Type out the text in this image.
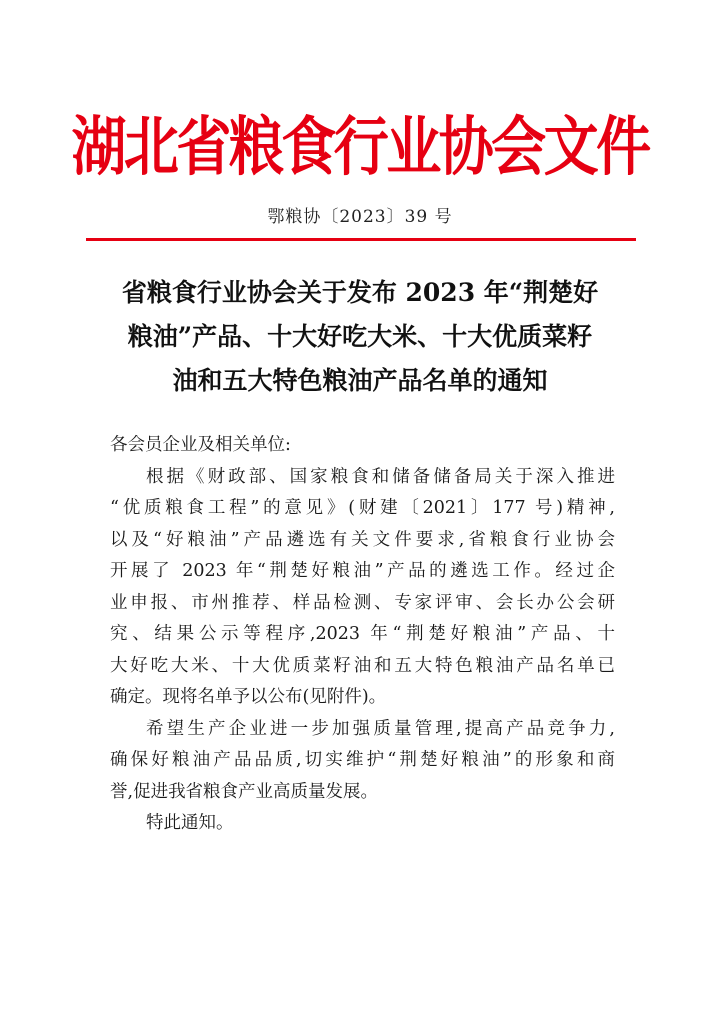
湖北省粮食行业协会文件
鄂粮协〔2023〕39 号
省粮食行业协会关于发布 2023 年“荆楚好
粮油”产品、十大好吃大米、十大优质菜籽
油和五大特色粮油产品名单的通知
各会员企业及相关单位:
根据《财政部、国家粮食和储备储备局关于深入推进
“优质粮食工程”的意见》(财建〔2021〕177 号)精神,
以及“好粮油”产品遴选有关文件要求,省粮食行业协会
开展了 2023 年“荆楚好粮油”产品的遴选工作。经过企
业申报、市州推荐、样品检测、专家评审、会长办公会研
究、结果公示等程序,2023 年“荆楚好粮油”产品、十
大好吃大米、十大优质菜籽油和五大特色粮油产品名单已
确定。现将名单予以公布(见附件)。
希望生产企业进一步加强质量管理,提高产品竞争力,
确保好粮油产品品质,切实维护“荆楚好粮油”的形象和商
誉,促进我省粮食产业高质量发展。
特此通知。
